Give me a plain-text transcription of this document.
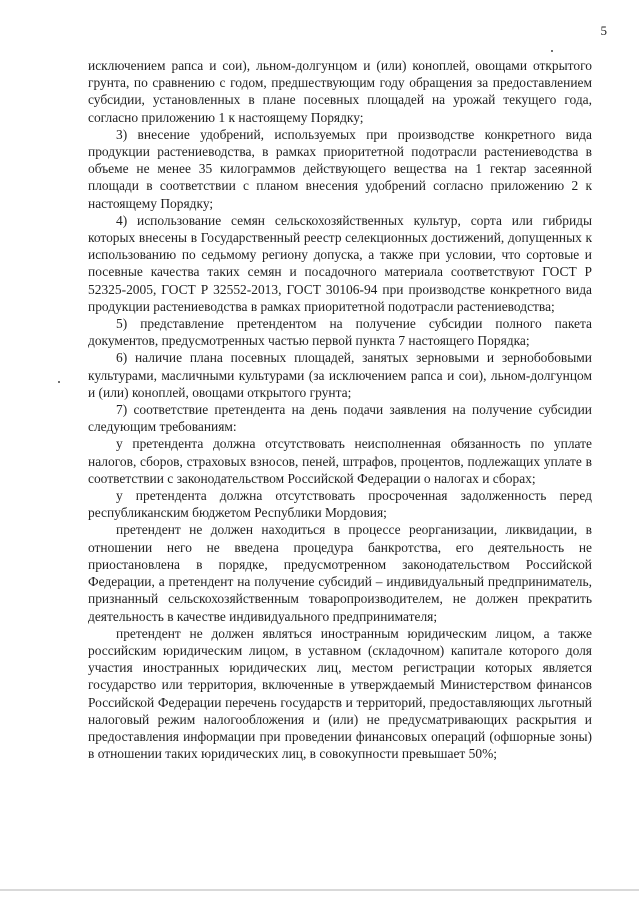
5

исключением рапса и сои), льном-долгунцом и (или) коноплей, овощами открытого грунта, по сравнению с годом, предшествующим году обращения за предоставлением субсидии, установленных в плане посевных площадей на урожай текущего года, согласно приложению 1 к настоящему Порядку;

3) внесение удобрений, используемых при производстве конкретного вида продукции растениеводства, в рамках приоритетной подотрасли растениеводства в объеме не менее 35 килограммов действующего вещества на 1 гектар засеянной площади в соответствии с планом внесения удобрений согласно приложению 2 к настоящему Порядку;

4) использование семян сельскохозяйственных культур, сорта или гибриды которых внесены в Государственный реестр селекционных достижений, допущенных к использованию по седьмому региону допуска, а также при условии, что сортовые и посевные качества таких семян и посадочного материала соответствуют ГОСТ Р 52325-2005, ГОСТ Р 32552-2013, ГОСТ 30106-94 при производстве конкретного вида продукции растениеводства в рамках приоритетной подотрасли растениеводства;

5) представление претендентом на получение субсидии полного пакета документов, предусмотренных частью первой пункта 7 настоящего Порядка;

6) наличие плана посевных площадей, занятых зерновыми и зернобобовыми культурами, масличными культурами (за исключением рапса и сои), льном-долгунцом и (или) коноплей, овощами открытого грунта;

7) соответствие претендента на день подачи заявления на получение субсидии следующим требованиям:

у претендента должна отсутствовать неисполненная обязанность по уплате налогов, сборов, страховых взносов, пеней, штрафов, процентов, подлежащих уплате в соответствии с законодательством Российской Федерации о налогах и сборах;

у претендента должна отсутствовать просроченная задолженность перед республиканским бюджетом Республики Мордовия;

претендент не должен находиться в процессе реорганизации, ликвидации, в отношении него не введена процедура банкротства, его деятельность не приостановлена в порядке, предусмотренном законодательством Российской Федерации, а претендент на получение субсидий – индивидуальный предприниматель, признанный сельскохозяйственным товаропроизводителем, не должен прекратить деятельность в качестве индивидуального предпринимателя;

претендент не должен являться иностранным юридическим лицом, а также российским юридическим лицом, в уставном (складочном) капитале которого доля участия иностранных юридических лиц, местом регистрации которых является государство или территория, включенные в утверждаемый Министерством финансов Российской Федерации перечень государств и территорий, предоставляющих льготный налоговый режим налогообложения и (или) не предусматривающих раскрытия и предоставления информации при проведении финансовых операций (офшорные зоны) в отношении таких юридических лиц, в совокупности превышает 50%;
